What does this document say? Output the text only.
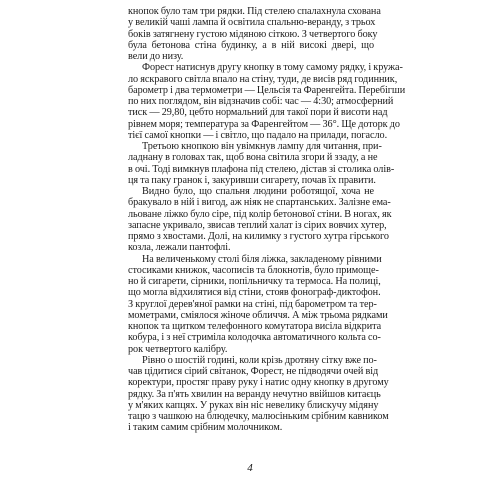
кнопок було там три рядки. Під стелею спалахнула схована
у великій чаші лампа й освітила спальню-веранду, з трьох
боків затягнену густою мідяною сіткою. З четвертого боку
була бетонова стіна будинку, а в ній високі двері, що
вели до низу.
Форест натиснув другу кнопку в тому самому рядку, і кружа-
ло яскравого світла впало на стіну, туди, де висів ряд годинник,
барометр і два термометри — Цельсія та Фаренгейта. Перебігши
по них поглядом, він відзначив собі: час — 4:30; атмосферний
тиск — 29,80, цебто нормальний для такої пори й висоти над
рівнем моря; температура за Фаренгейтом — 36°. Ще доторк до
тієї самої кнопки — і світло, що падало на прилади, погасло.
Третьою кнопкою він увімкнув лампу для читання, при-
ладнану в головах так, щоб вона світила згори й ззаду, а не
в очі. Тоді вимкнув плафона під стелею, дістав зі столика олів-
ця та паку гранок і, закуривши сигарету, почав їх правити.
Видно було, що спальня людини роботящої, хоча не
бракувало в ній і вигод, аж ніяк не спартанських. Залізне ема-
льоване ліжко було сіре, під колір бетонової стіни. В ногах, як
запасне укривало, звисав теплий халат із сірих вовчих хутер,
прямо з хвостами. Долі, на килимку з густого хутра гірського
козла, лежали пантофлі.
На величенькому столі біля ліжка, закладеному рівними
стосиками книжок, часописів та блокнотів, було примоще-
но й сигарети, сірники, попільничку та термоса. На полиці,
що могла відхилятися від стіни, стояв фонограф-диктофон.
З круглої дерев'яної рамки на стіні, під барометром та тер-
мометрами, сміялося жіноче обличчя. А між трьома рядками
кнопок та щитком телефонного комутатора висіла відкрита
кобура, і з неї стриміла колодочка автоматичного кольта со-
рок четвертого калібру.
Рівно о шостій годині, коли крізь дротяну сітку вже по-
чав цідитися сірий світанок, Форест, не підводячи очей від
коректури, простяг праву руку і натис одну кнопку в другому
рядку. За п'ять хвилин на веранду нечутно ввійшов китаєць
у м'яких капцях. У руках він ніс невелику блискучу мідяну
тацю з чашкою на блюдечку, малюсіньким срібним кавником
і таким самим срібним молочником.
4
